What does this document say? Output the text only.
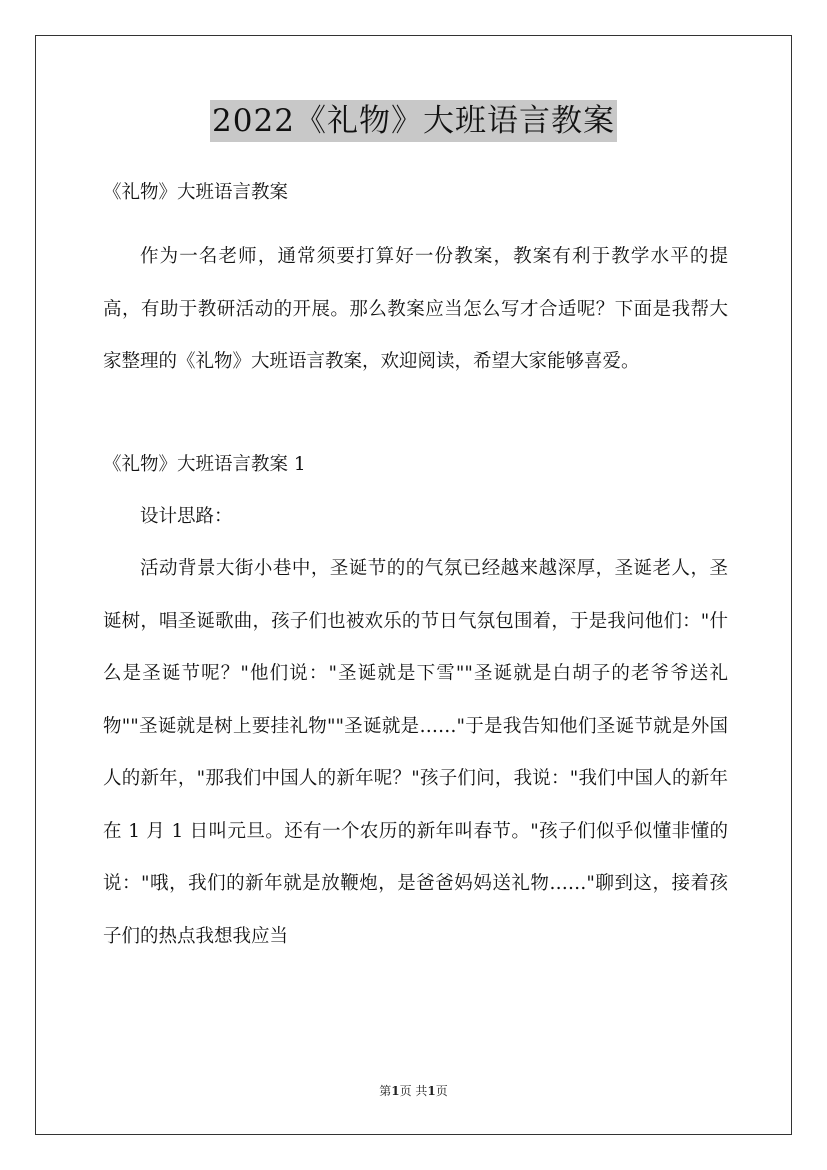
2022《礼物》大班语言教案

《礼物》大班语言教案

作为一名老师，通常须要打算好一份教案，教案有利于教学水平的提高，有助于教研活动的开展。那么教案应当怎么写才合适呢？下面是我帮大家整理的《礼物》大班语言教案，欢迎阅读，希望大家能够喜爱。

《礼物》大班语言教案 1

设计思路：

活动背景大街小巷中，圣诞节的的气氛已经越来越深厚，圣诞老人，圣诞树，唱圣诞歌曲，孩子们也被欢乐的节日气氛包围着，于是我问他们："什么是圣诞节呢？"他们说："圣诞就是下雪""圣诞就是白胡子的老爷爷送礼物""圣诞就是树上要挂礼物""圣诞就是……"于是我告知他们圣诞节就是外国人的新年，"那我们中国人的新年呢？"孩子们问，我说："我们中国人的新年在 1 月 1 日叫元旦。还有一个农历的新年叫春节。"孩子们似乎似懂非懂的说："哦，我们的新年就是放鞭炮，是爸爸妈妈送礼物……"聊到这，接着孩子们的热点我想我应当

第1页 共1页
